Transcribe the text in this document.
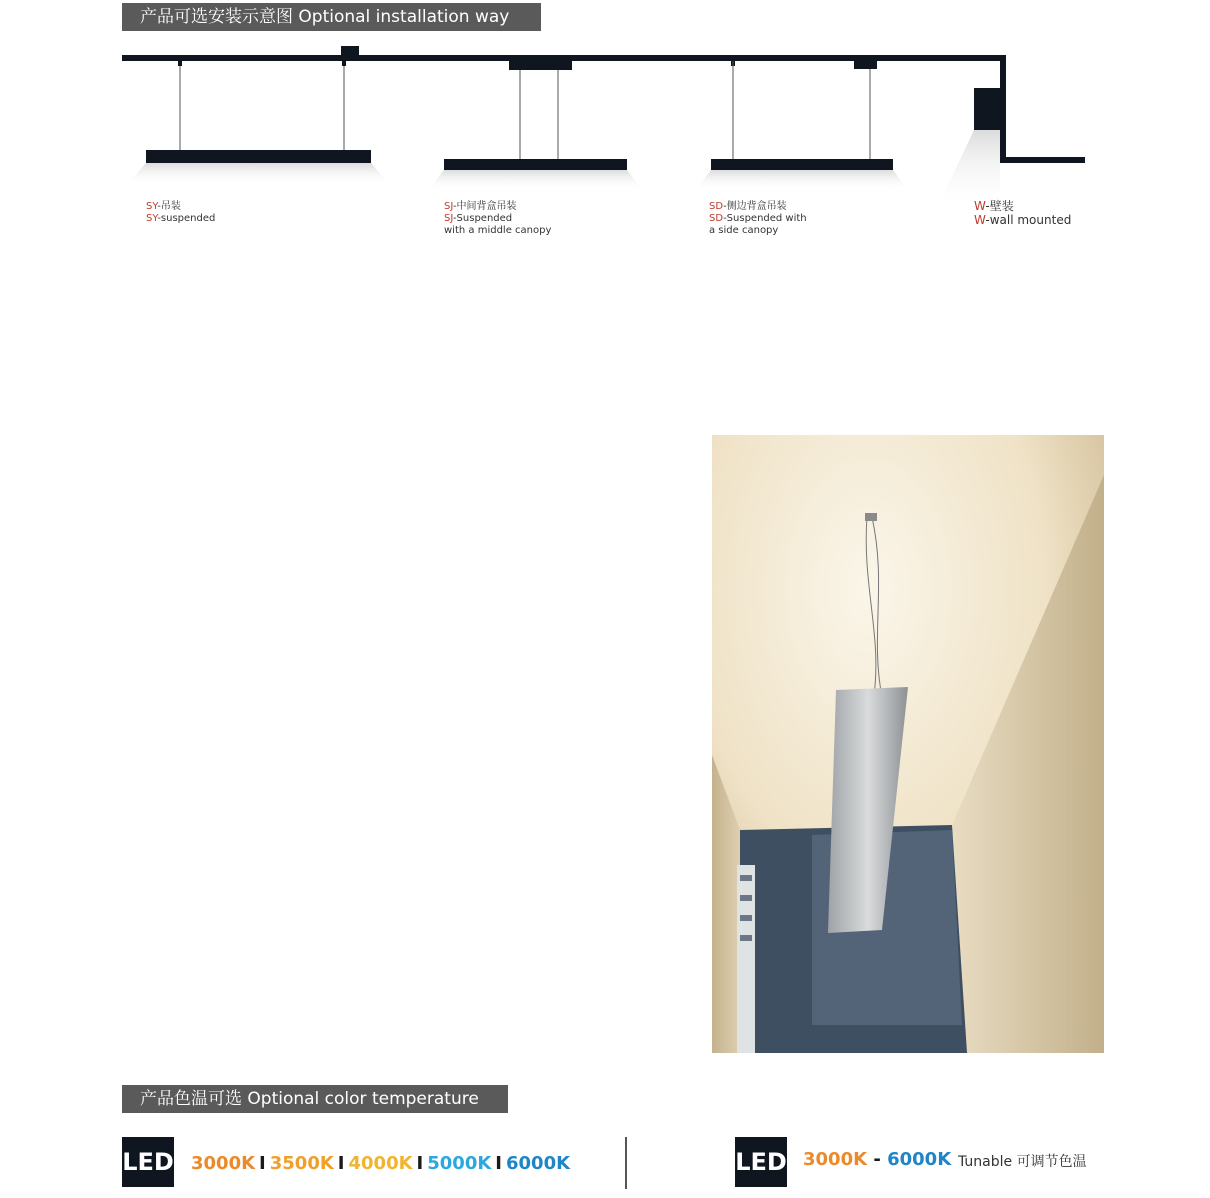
产品可选安装示意图 Optional installation way
SY-吊装
SY-suspended
SJ-中间背盒吊装
SJ-Suspended
with a middle canopy
SD-侧边背盒吊装
SD-Suspended with
a side canopy
W-壁装
W-wall mounted
产品色温可选 Optional color temperature
LED 3000K I 3500K I 4000K I 5000K I 6000K	LED 3000K - 6000K Tunable 可调节色温
